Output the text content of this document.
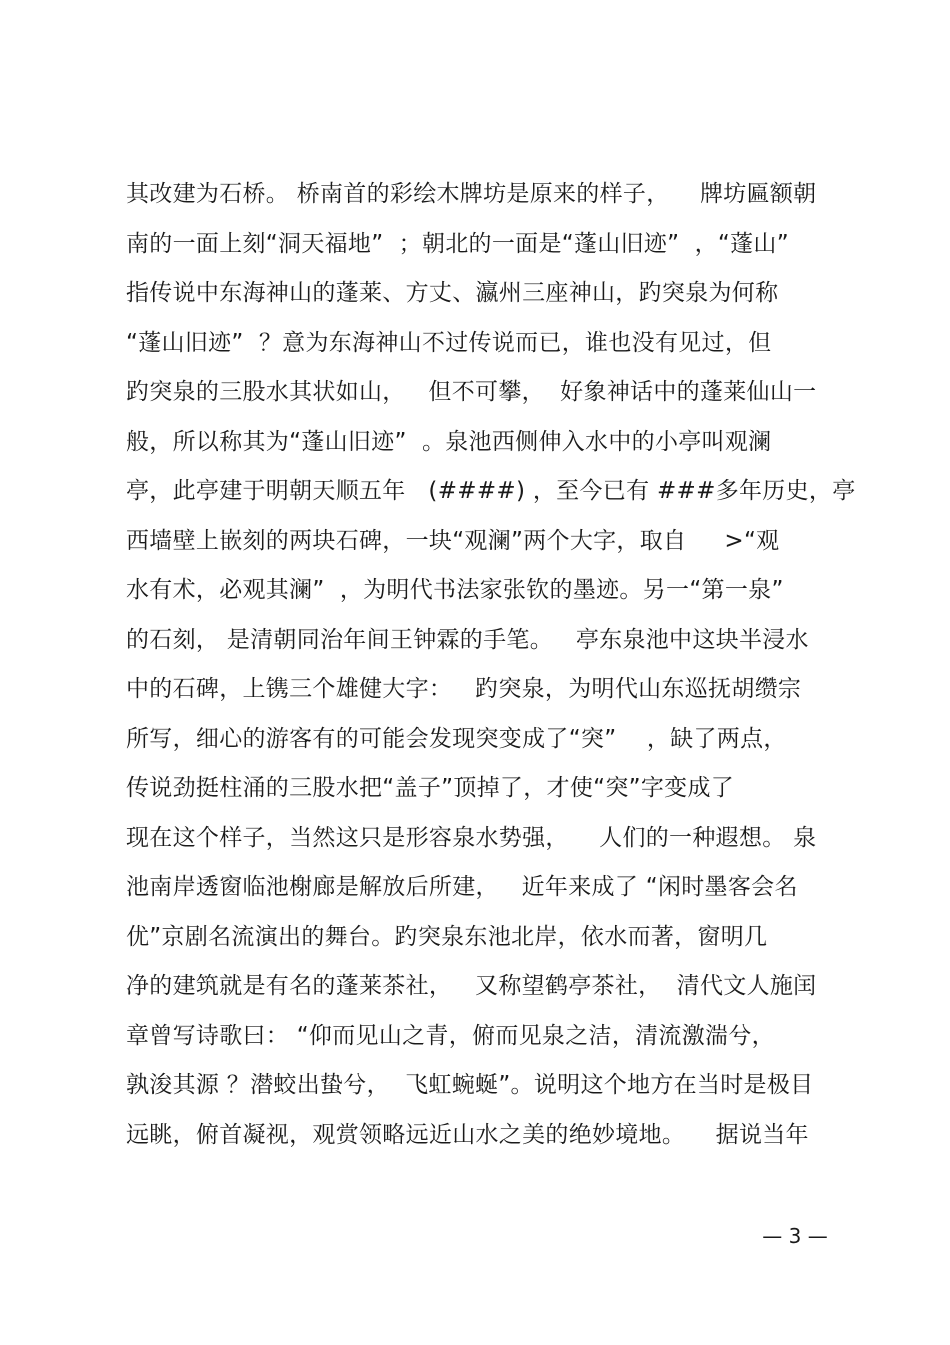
其改建为石桥。 桥南首的彩绘木牌坊是原来的样子，    牌坊匾额朝
南的一面上刻“洞天福地”  ；朝北的一面是“蓬山旧迹”  ，“蓬山”
指传说中东海神山的蓬莱、方丈、瀛州三座神山，趵突泉为何称
“蓬山旧迹”  ？意为东海神山不过传说而已，谁也没有见过，但
趵突泉的三股水其状如山，   但不可攀，  好象神话中的蓬莱仙山一
般，所以称其为“蓬山旧迹”  。泉池西侧伸入水中的小亭叫观澜
亭，此亭建于明朝天顺五年   (####) ，至今已有 ###多年历史，亭
西墙壁上嵌刻的两块石碑，一块“观澜”两个大字，取自     >“观
水有术，必观其澜”  ，为明代书法家张钦的墨迹。另一“第一泉”
的石刻， 是清朝同治年间王钟霖的手笔。   亭东泉池中这块半浸水
中的石碑，上镌三个雄健大字：   趵突泉，为明代山东巡抚胡缵宗
所写，细心的游客有的可能会发现突变成了“突”    ，缺了两点，
传说劲挺柱涌的三股水把“盖子”顶掉了，才使“突”字变成了
现在这个样子，当然这只是形容泉水势强，    人们的一种遐想。 泉
池南岸透窗临池榭廊是解放后所建，   近年来成了 “闲时墨客会名
优”京剧名流演出的舞台。趵突泉东池北岸，依水而著，窗明几
净的建筑就是有名的蓬莱茶社，   又称望鹤亭茶社，  清代文人施闰
章曾写诗歌曰： “仰而见山之青，俯而见泉之洁，清流激湍兮，
孰浚其源 ？潜蛟出蛰兮，  飞虹蜿蜒”。说明这个地方在当时是极目
远眺，俯首凝视，观赏领略远近山水之美的绝妙境地。    据说当年
— 3 —
